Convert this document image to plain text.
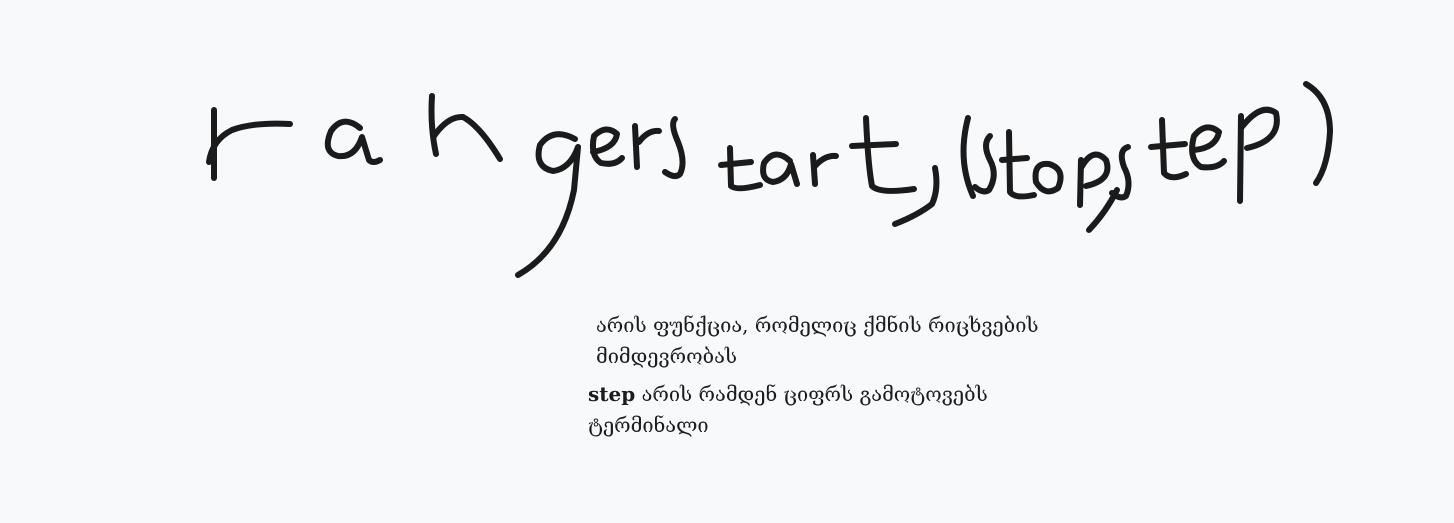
არის ფუნქცია, რომელიც ქმნის რიცხვების
მიმდევრობას
step არის რამდენ ციფრს გამოტოვებს
ტერმინალი
